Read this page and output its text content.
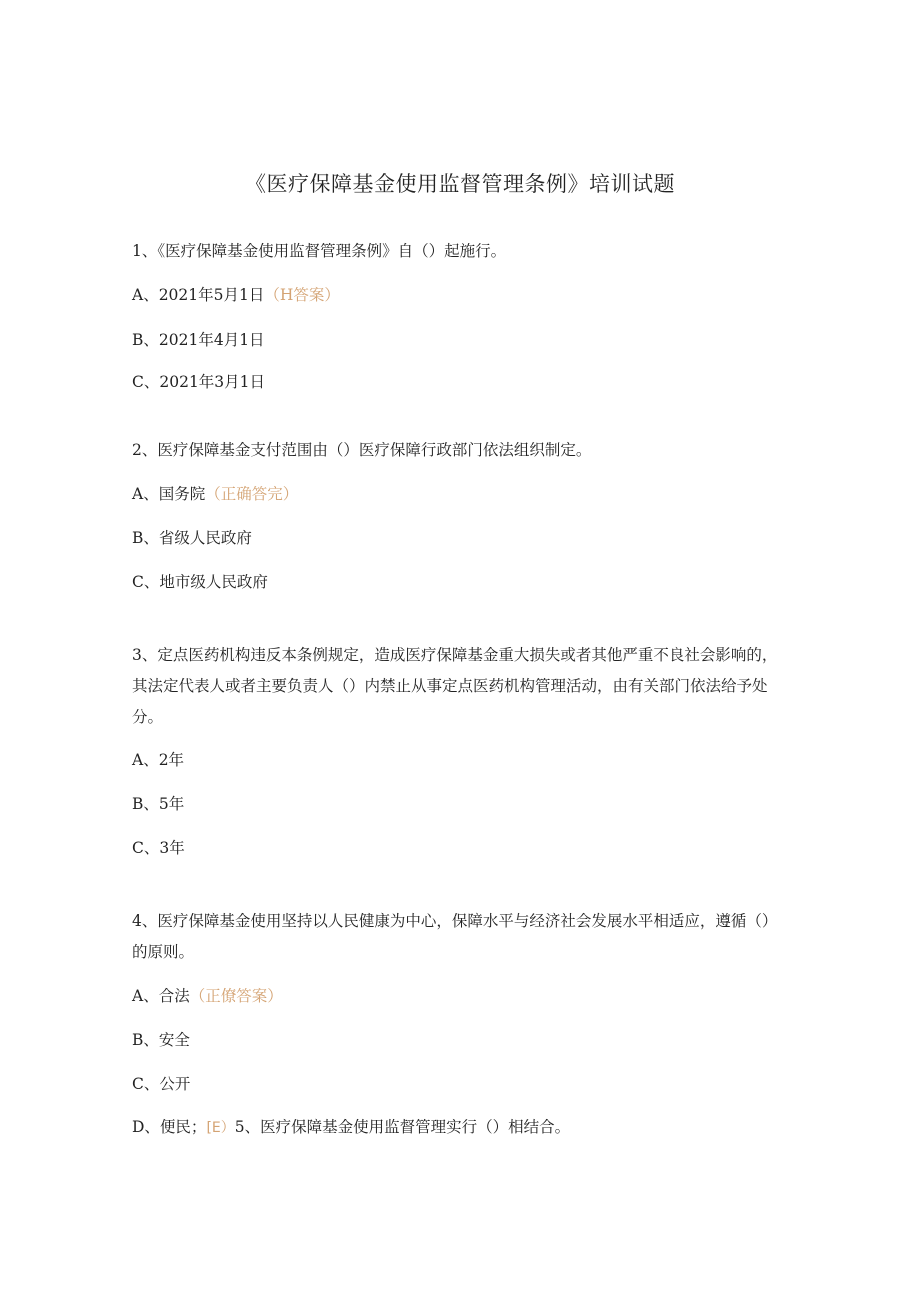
《医疗保障基金使用监督管理条例》培训试题

1、《医疗保障基金使用监督管理条例》自（）起施行。

A、2021年5月1日（H答案）

B、2021年4月1日

C、2021年3月1日

2、医疗保障基金支付范围由（）医疗保障行政部门依法组织制定。

A、国务院（正确答完）

B、省级人民政府

C、地市级人民政府

3、定点医药机构违反本条例规定，造成医疗保障基金重大损失或者其他严重不良社会影响的，其法定代表人或者主要负责人（）内禁止从事定点医药机构管理活动，由有关部门依法给予处分。

A、2年

B、5年

C、3年

4、医疗保障基金使用坚持以人民健康为中心，保障水平与经济社会发展水平相适应，遵循（）的原则。

A、合法（正僚答案）

B、安全

C、公开

D、便民；[E）5、医疗保障基金使用监督管理实行（）相结合。
